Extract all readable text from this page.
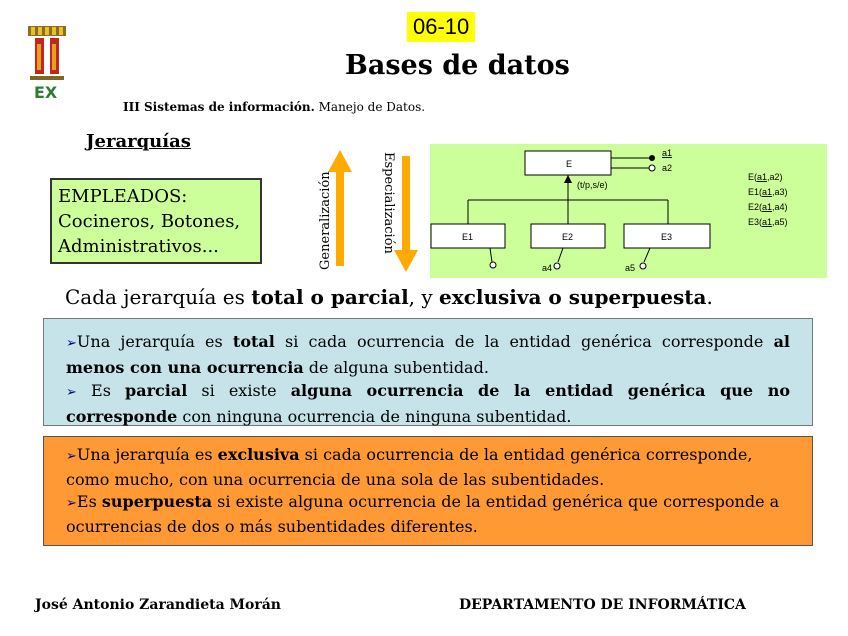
EX
06-10
Bases de datos
III Sistemas de información. Manejo de Datos.
Jerarquías
EMPLEADOS:
Cocineros, Botones,
Administrativos...	Generalización	Especialización	E
a1
a2
(t/p,s/e)
E1	E2	E3
a4	a5
E(a1,a2)
E1(a1,a3)
E2(a1,a4)
E3(a1,a5)
Cada jerarquía es total o parcial, y exclusiva o superpuesta.
➢Una jerarquía es total si cada ocurrencia de la entidad genérica corresponde al menos con una ocurrencia de alguna subentidad.
➢ Es parcial si existe alguna ocurrencia de la entidad genérica que no corresponde con ninguna ocurrencia de ninguna subentidad.
➢Una jerarquía es exclusiva si cada ocurrencia de la entidad genérica corresponde, como mucho, con una ocurrencia de una sola de las subentidades.
➢Es superpuesta si existe alguna ocurrencia de la entidad genérica que corresponde a ocurrencias de dos o más subentidades diferentes.
José Antonio Zarandieta Morán	DEPARTAMENTO DE INFORMÁTICA
